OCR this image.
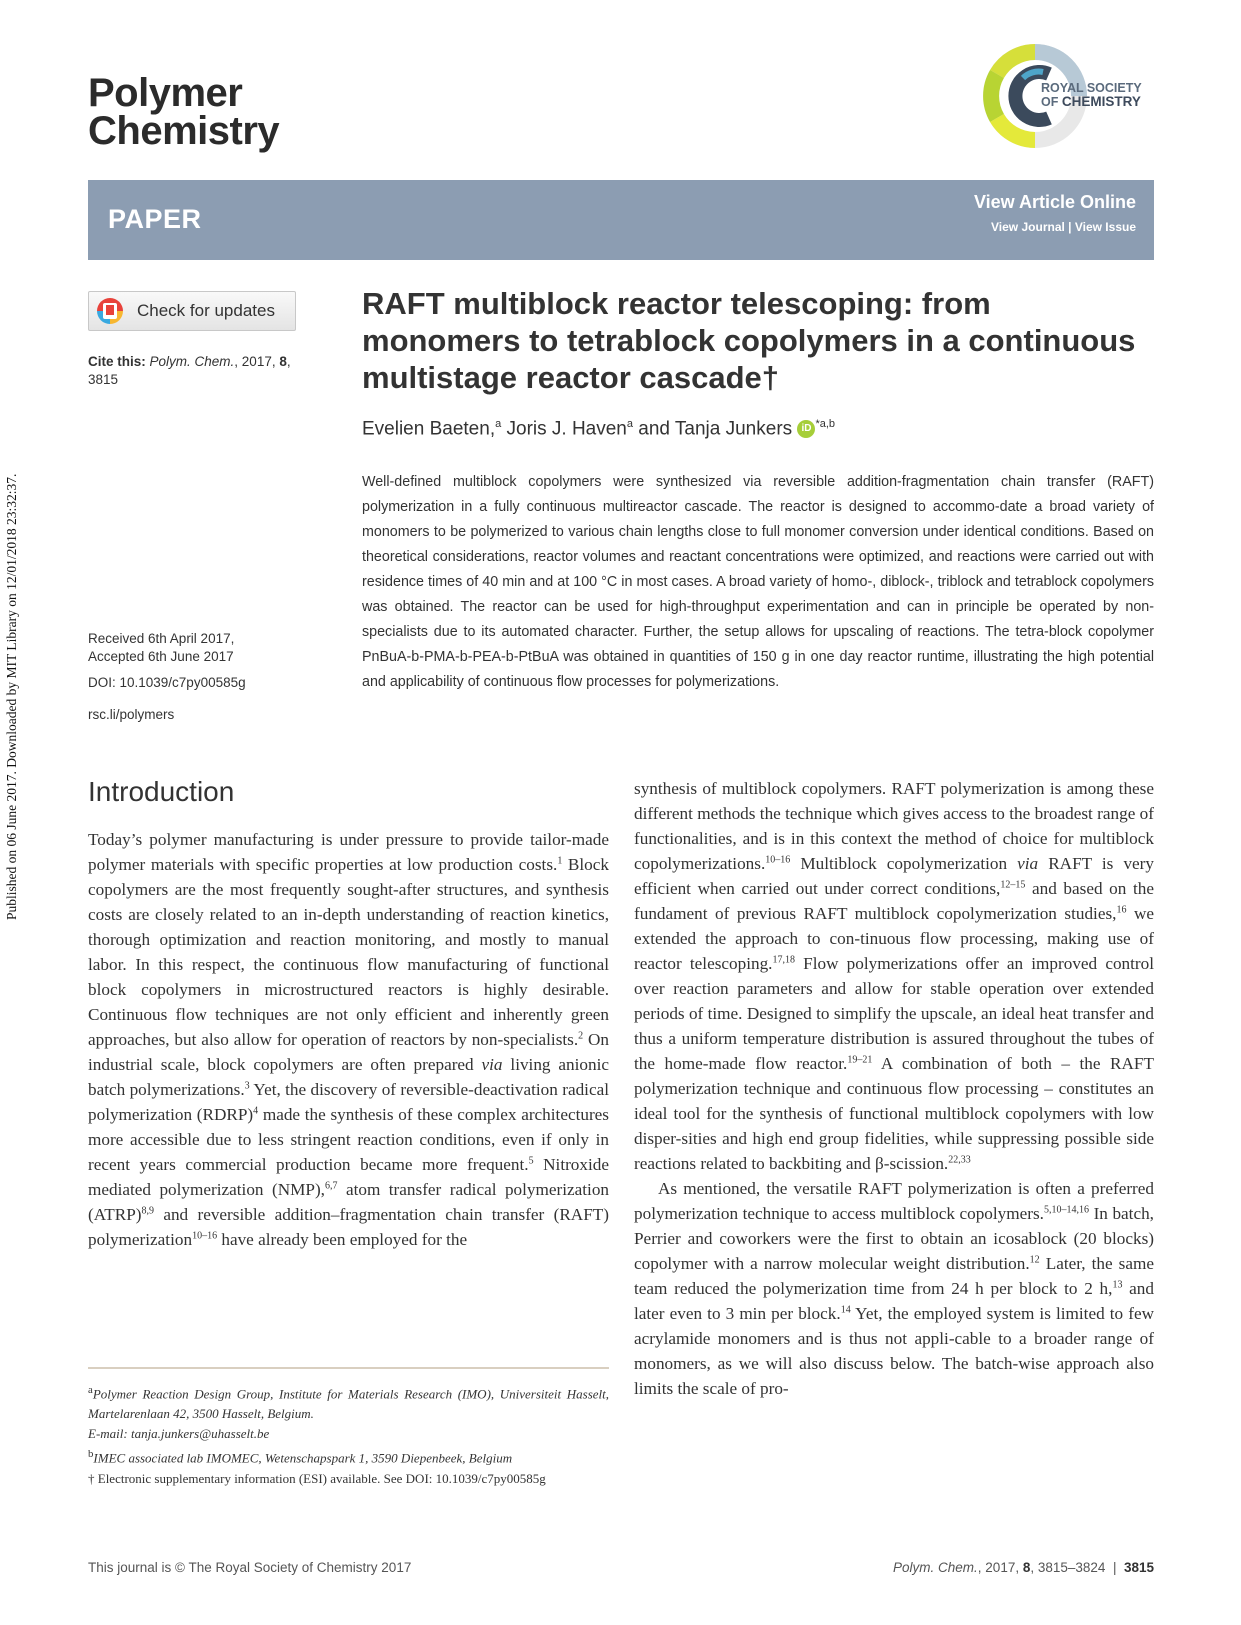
Published on 06 June 2017. Downloaded by MIT Library on 12/01/2018 23:32:37.
Polymer
Chemistry
ROYAL SOCIETY
OF CHEMISTRY
PAPER
View Article Online
View Journal | View Issue
Check for updates
Cite this: Polym. Chem., 2017, 8,
3815
Received 6th April 2017,
Accepted 6th June 2017
DOI: 10.1039/c7py00585g
rsc.li/polymers
RAFT multiblock reactor telescoping: from monomers to tetrablock copolymers in a continuous multistage reactor cascade†
Evelien Baeten,$^a$ Joris J. Haven$^a$ and Tanja Junkers iD $^{*a,b}$
Well-defined multiblock copolymers were synthesized via reversible addition-fragmentation chain transfer (RAFT) polymerization in a fully continuous multireactor cascade. The reactor is designed to accommo-date a broad variety of monomers to be polymerized to various chain lengths close to full monomer conversion under identical conditions. Based on theoretical considerations, reactor volumes and reactant concentrations were optimized, and reactions were carried out with residence times of 40 min and at 100 °C in most cases. A broad variety of homo-, diblock-, triblock and tetrablock copolymers was obtained. The reactor can be used for high-throughput experimentation and can in principle be operated by non-specialists due to its automated character. Further, the setup allows for upscaling of reactions. The tetra-block copolymer PnBuA-b-PMA-b-PEA-b-PtBuA was obtained in quantities of 150 g in one day reactor runtime, illustrating the high potential and applicability of continuous flow processes for polymerizations.
Introduction

Today’s polymer manufacturing is under pressure to provide tailor-made polymer materials with specific properties at low production costs.$^1$ Block copolymers are the most frequently sought-after structures, and synthesis costs are closely related to an in-depth understanding of reaction kinetics, thorough optimization and reaction monitoring, and mostly to manual labor. In this respect, the continuous flow manufacturing of functional block copolymers in microstructured reactors is highly desirable. Continuous flow techniques are not only efficient and inherently green approaches, but also allow for operation of reactors by non-specialists.$^2$ On industrial scale, block copolymers are often prepared via living anionic batch polymerizations.$^3$ Yet, the discovery of reversible-deactivation radical polymerization (RDRP)$^4$ made the synthesis of these complex architectures more accessible due to less stringent reaction conditions, even if only in recent years commercial production became more frequent.$^5$ Nitroxide mediated polymerization (NMP),$^{6,7}$ atom transfer radical polymerization (ATRP)$^{8,9}$ and reversible addition–fragmentation chain transfer (RAFT) polymerization$^{10-16}$ have already been employed for the

synthesis of multiblock copolymers. RAFT polymerization is among these different methods the technique which gives access to the broadest range of functionalities, and is in this context the method of choice for multiblock copolymerizations.$^{10-16}$ Multiblock copolymerization via RAFT is very efficient when carried out under correct conditions,$^{12-15}$ and based on the fundament of previous RAFT multiblock copolymerization studies,$^{16}$ we extended the approach to con-tinuous flow processing, making use of reactor telescoping.$^{17,18}$ Flow polymerizations offer an improved control over reaction parameters and allow for stable operation over extended periods of time. Designed to simplify the upscale, an ideal heat transfer and thus a uniform temperature distribution is assured throughout the tubes of the home-made flow reactor.$^{19-21}$ A combination of both – the RAFT polymerization technique and continuous flow processing – constitutes an ideal tool for the synthesis of functional multiblock copolymers with low disper-sities and high end group fidelities, while suppressing possible side reactions related to backbiting and β-scission.$^{22,33}$

As mentioned, the versatile RAFT polymerization is often a preferred polymerization technique to access multiblock copolymers.$^{5,10-14,16}$ In batch, Perrier and coworkers were the first to obtain an icosablock (20 blocks) copolymer with a narrow molecular weight distribution.$^{12}$ Later, the same team reduced the polymerization time from 24 h per block to 2 h,$^{13}$ and later even to 3 min per block.$^{14}$ Yet, the employed system is limited to few acrylamide monomers and is thus not appli-cable to a broader range of monomers, as we will also discuss below. The batch-wise approach also limits the scale of pro-

$^a$Polymer Reaction Design Group, Institute for Materials Research (IMO), Universiteit Hasselt, Martelarenlaan 42, 3500 Hasselt, Belgium.

E-mail: tanja.junkers@uhasselt.be

$^b$IMEC associated lab IMOMEC, Wetenschapspark 1, 3590 Diepenbeek, Belgium

† Electronic supplementary information (ESI) available. See DOI: 10.1039/c7py00585g

This journal is © The Royal Society of Chemistry 2017	Polym. Chem., 2017, 8, 3815–3824  |  3815
